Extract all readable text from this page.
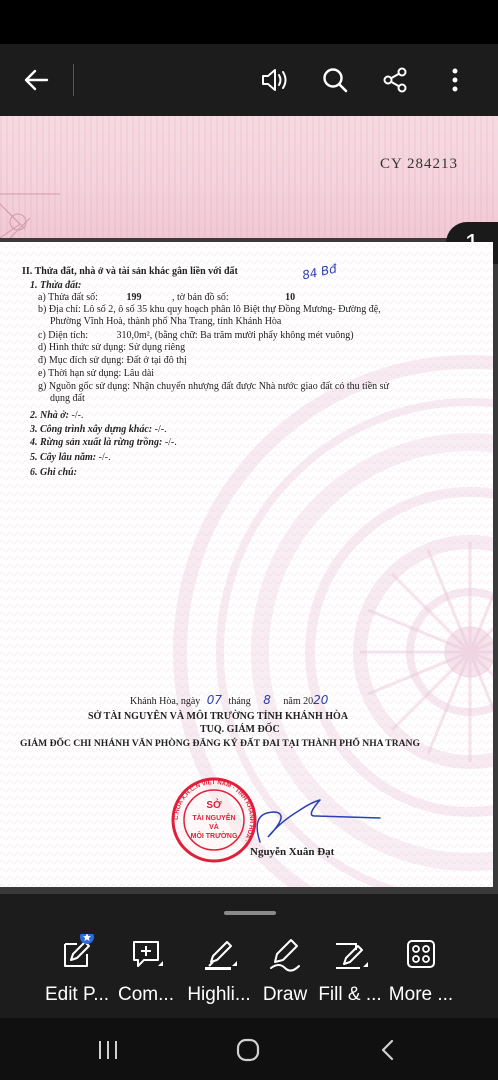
CY 284213
II. Thửa đất, nhà ở và tài sản khác gắn liền với đất	84 Bđ
1. Thửa đất:
a) Thửa đất số:	199	, tờ bản đồ số:	10
b) Địa chỉ: Lô số 2, ô số 35 khu quy hoạch phân lô Biệt thự Đồng Mương- Đường đệ,
Phường Vĩnh Hoà, thành phố Nha Trang, tỉnh Khánh Hòa
c) Diện tích:	310,0m², (bằng chữ: Ba trăm mười phẩy không mét vuông)
d) Hình thức sử dụng: Sử dụng riêng
đ) Mục đích sử dụng: Đất ở tại đô thị
e) Thời hạn sử dụng: Lâu dài
g) Nguồn gốc sử dụng: Nhận chuyển nhượng đất được Nhà nước giao đất có thu tiền sử
dụng đất
2. Nhà ở: -/-.
3. Công trình xây dựng khác: -/-.
4. Rừng sản xuất là rừng trồng: -/-.
5. Cây lâu năm: -/-.
6. Ghi chú:
Khánh Hòa, ngày 07 tháng 8 năm 2020
SỞ TÀI NGUYÊN VÀ MÔI TRƯỜNG TỈNH KHÁNH HÒA
TUQ. GIÁM ĐỐC
GIÁM ĐỐC CHI NHÁNH VĂN PHÒNG ĐĂNG KÝ ĐẤT ĐAI TẠI THÀNH PHỐ NHA TRANG
C.HÒA X.H.C.N VIỆT NAM · TỈNH KHÁNH HÒA ·
SỞ
TÀI NGUYÊN
VÀ
MÔI TRƯỜNG
Nguyễn Xuân Đạt
Edit P... Com... Highli... Draw Fill & ... More ...
